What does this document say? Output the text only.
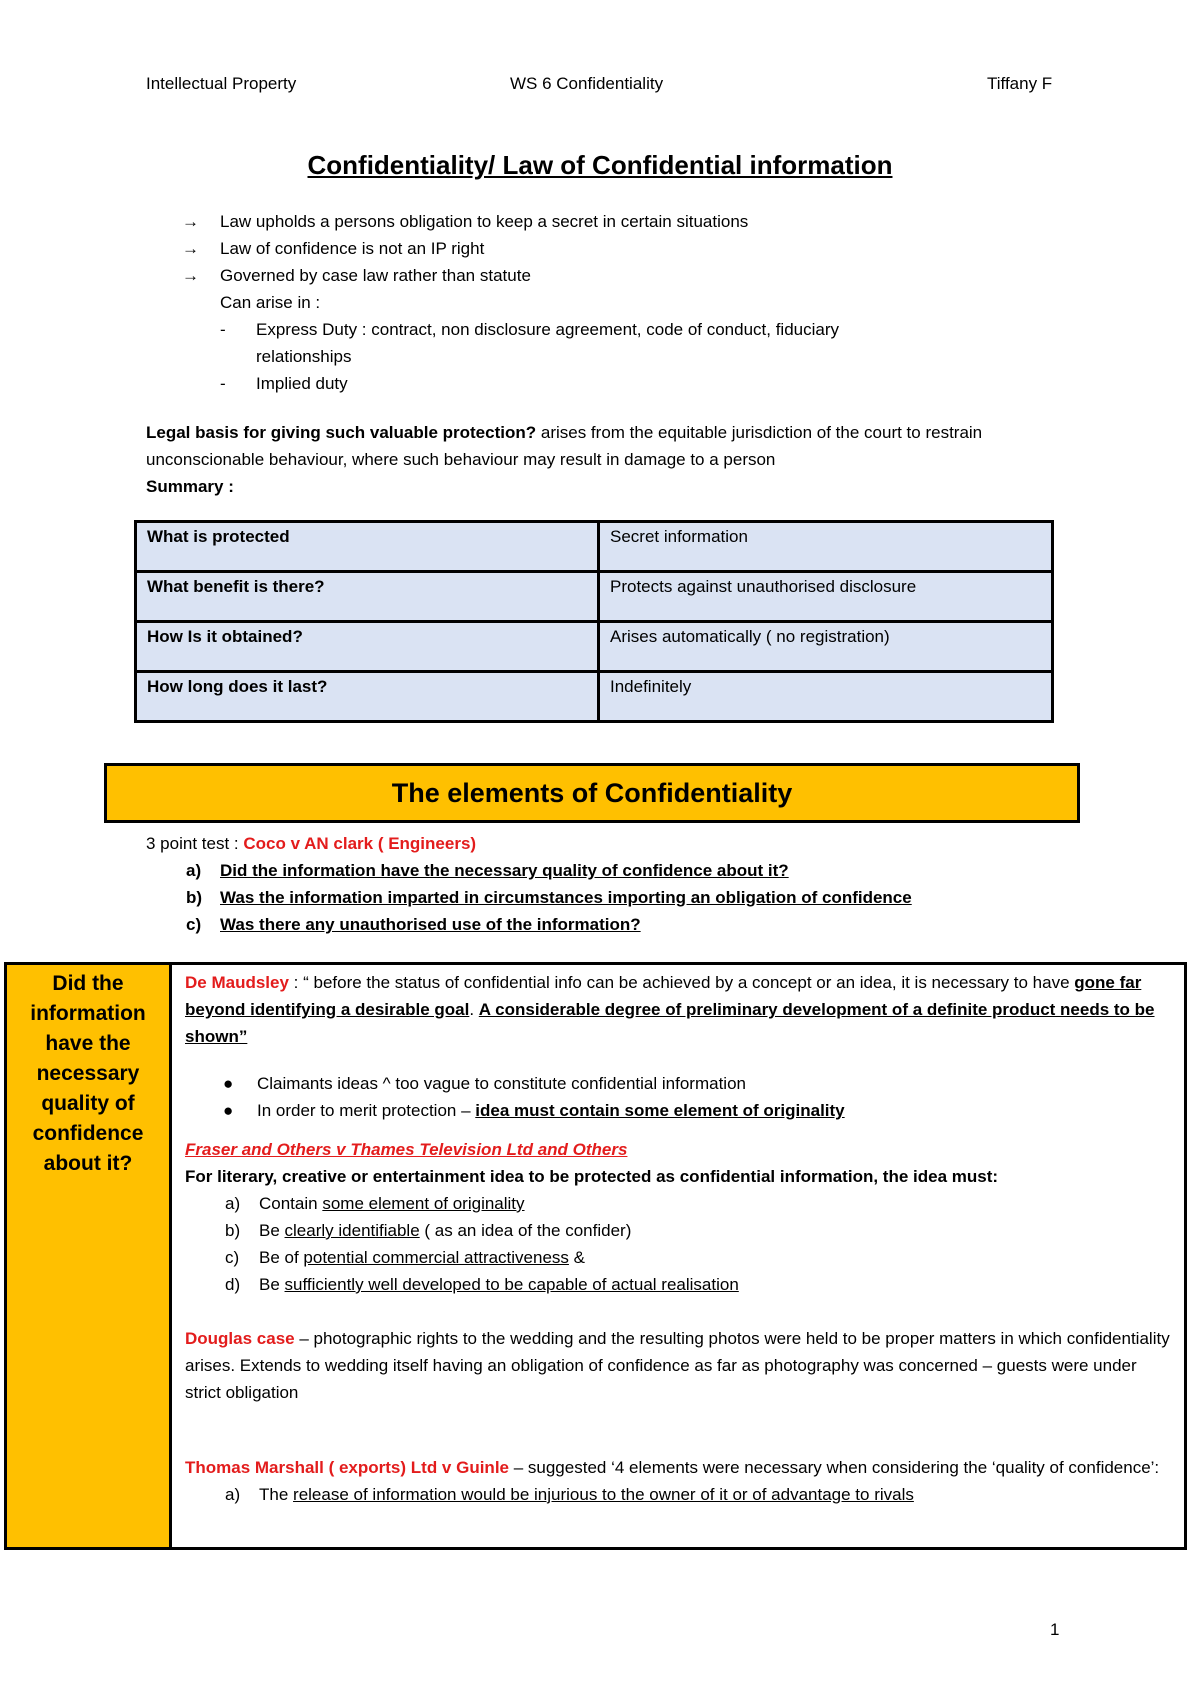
Intellectual Property	WS 6 Confidentiality	Tiffany F
Confidentiality/ Law of Confidential information
→ Law upholds a persons obligation to keep a secret in certain situations
→ Law of confidence is not an IP right
→ Governed by case law rather than statute
Can arise in :
- Express Duty : contract, non disclosure agreement, code of conduct, fiduciary
relationships
- Implied duty
Legal basis for giving such valuable protection? arises from the equitable jurisdiction of the court to restrain unconscionable behaviour, where such behaviour may result in damage to a person
Summary :
What is protected	Secret information
What benefit is there?	Protects against unauthorised disclosure
How Is it obtained?	Arises automatically ( no registration)
How long does it last?	Indefinitely
The elements of Confidentiality
3 point test : Coco v AN clark ( Engineers)
a) Did the information have the necessary quality of confidence about it?
b) Was the information imparted in circumstances importing an obligation of confidence
c) Was there any unauthorised use of the information?
Did the information have the necessary quality of confidence about it?
De Maudsley : “ before the status of confidential info can be achieved by a concept or an idea, it is necessary to have gone far beyond identifying a desirable goal. A considerable degree of preliminary development of a definite product needs to be shown”
● Claimants ideas ^ too vague to constitute confidential information
● In order to merit protection – idea must contain some element of originality
Fraser and Others v Thames Television Ltd and Others
For literary, creative or entertainment idea to be protected as confidential information, the idea must:
a) Contain some element of originality
b) Be clearly identifiable ( as an idea of the confider)
c) Be of potential commercial attractiveness &
d) Be sufficiently well developed to be capable of actual realisation
Douglas case – photographic rights to the wedding and the resulting photos were held to be proper matters in which confidentiality arises. Extends to wedding itself having an obligation of confidence as far as photography was concerned – guests were under strict obligation
Thomas Marshall ( exports) Ltd v Guinle – suggested ‘4 elements were necessary when considering the ‘quality of confidence’:
a) The release of information would be injurious to the owner of it or of advantage to rivals
1
